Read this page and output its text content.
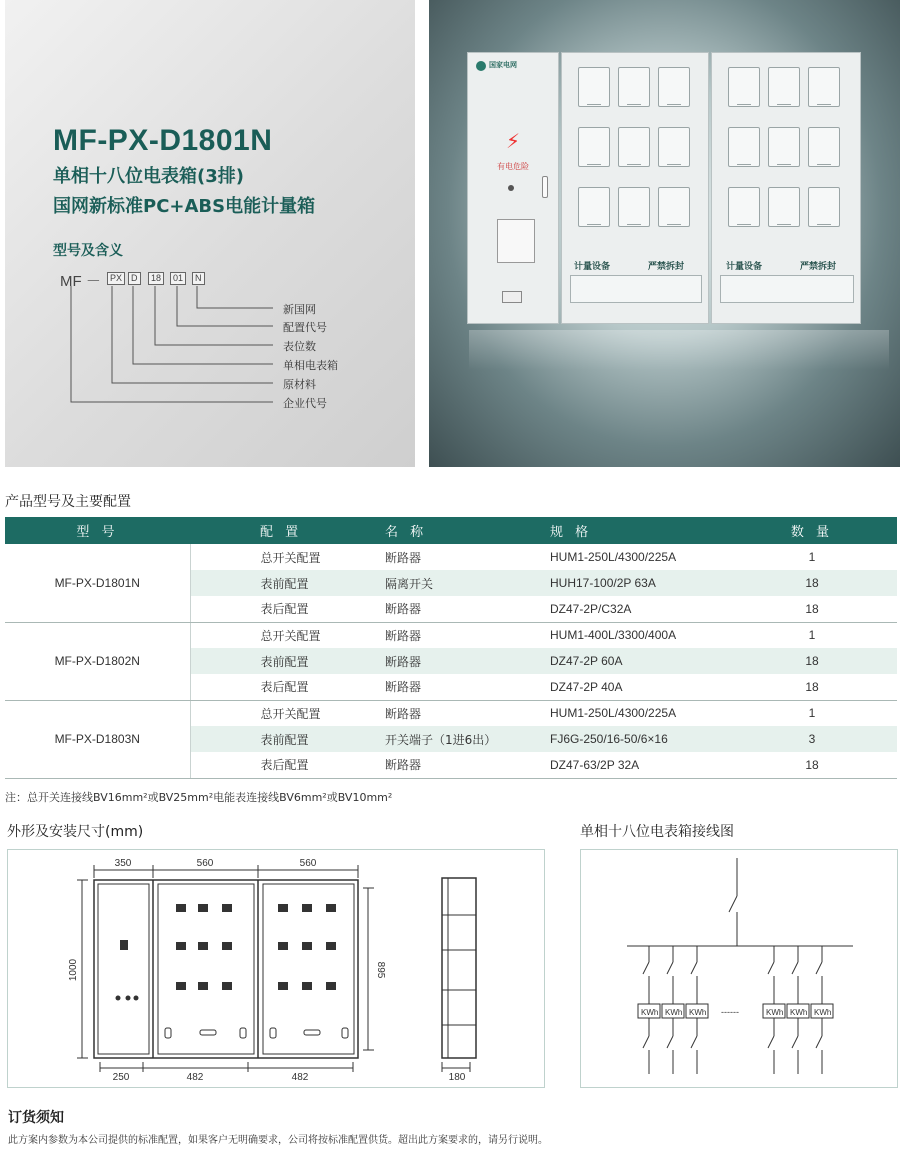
MF-PX-D1801N
单相十八位电表箱(3排)
国网新标准PC+ABS电能计量箱
型号及含义
MF －	PX D	18	01	N
新国网
配置代号
表位数
单相电表箱
原材料
企业代号
国家电网
⚡
有电危险
计量设备	严禁拆封	计量设备	严禁拆封
产品型号及主要配置
型 号	配 置	名 称	规 格	数 量
MF-PX-D1801N	总开关配置	断路器	HUM1-250L/4300/225A	1
	表前配置	隔离开关	HUH17-100/2P 63A	18
	表后配置	断路器	DZ47-2P/C32A	18
MF-PX-D1802N	总开关配置	断路器	HUM1-400L/3300/400A	1
	表前配置	断路器	DZ47-2P 60A	18
	表后配置	断路器	DZ47-2P 40A	18
MF-PX-D1803N	总开关配置	断路器	HUM1-250L/4300/225A	1
	表前配置	开关端子（1进6出）	FJ6G-250/16-50/6×16	3
	表后配置	断路器	DZ47-63/2P 32A	18
注：总开关连接线BV16mm²或BV25mm²电能表连接线BV6mm²或BV10mm²
外形及安装尺寸(mm)
350	560	560
250	482	482
1000	895
180
单相十八位电表箱接线图
KWh KWh KWh	KWh KWh KWh
------
订货须知
此方案内参数为本公司提供的标准配置，如果客户无明确要求，公司将按标准配置供货。超出此方案要求的，请另行说明。
